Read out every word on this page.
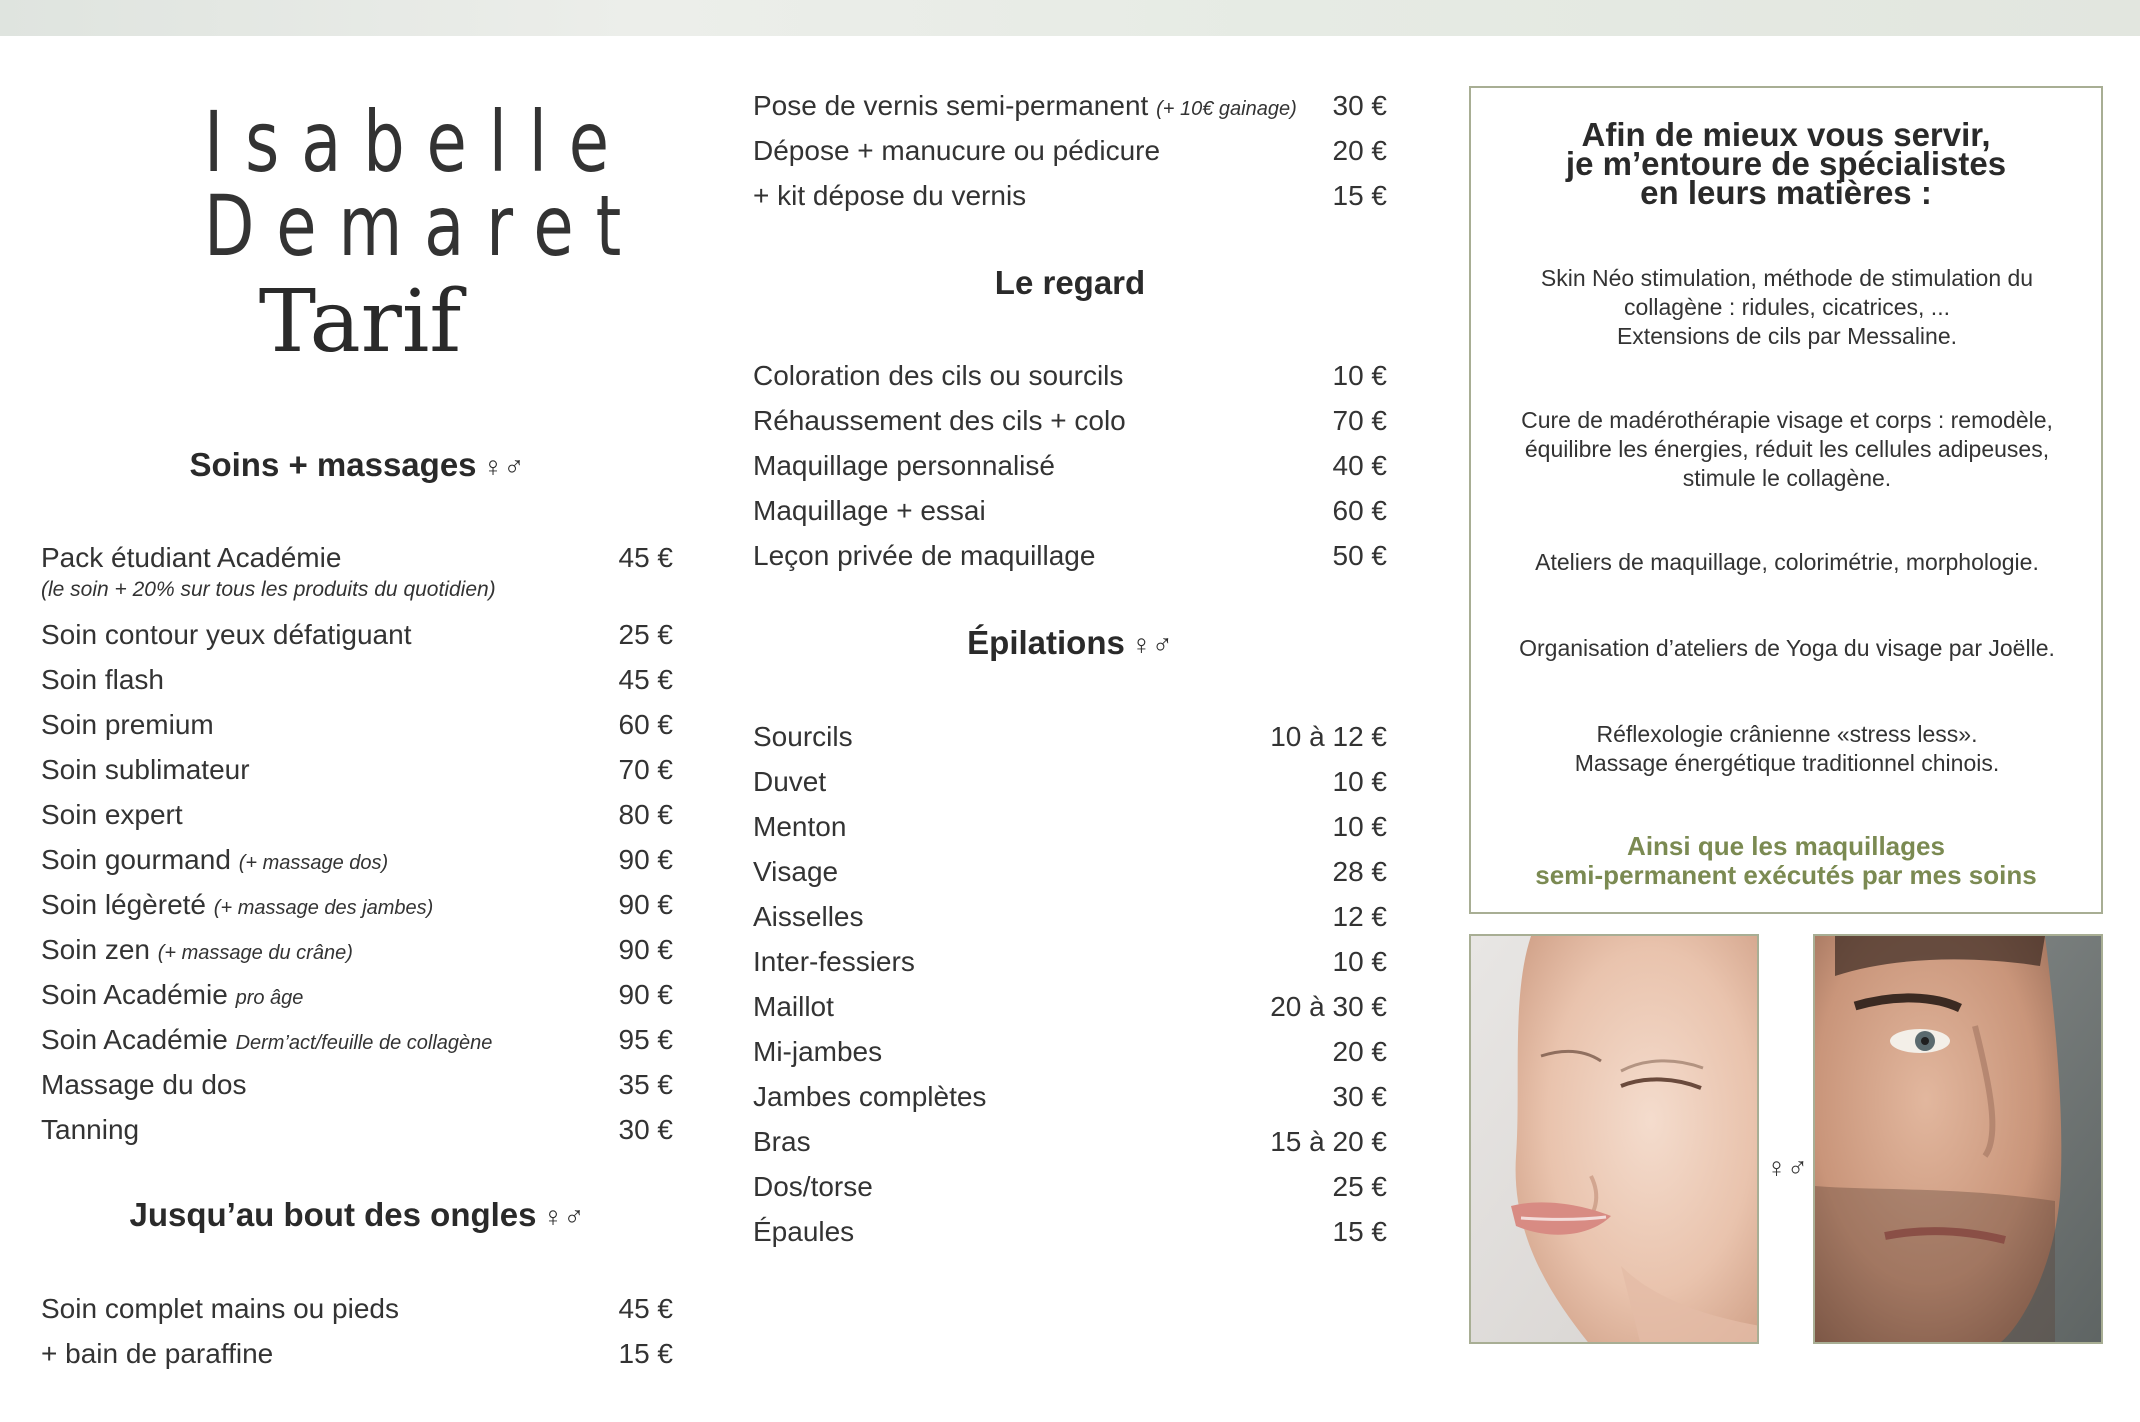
Isabelle
Demaret
Tarif
Soins + massages ♀♂
Pack étudiant Académie	45 €
(le soin + 20% sur tous les produits du quotidien)
Soin contour yeux défatiguant	25 €
Soin flash	45 €
Soin premium	60 €
Soin sublimateur	70 €
Soin expert	80 €
Soin gourmand (+ massage dos)	90 €
Soin légèreté (+ massage des jambes)	90 €
Soin zen (+ massage du crâne)	90 €
Soin Académie pro âge	90 €
Soin Académie Derm’act/feuille de collagène	95 €
Massage du dos	35 €
Tanning	30 €
Jusqu’au bout des ongles ♀♂
Soin complet mains ou pieds	45 €
+ bain de paraffine	15 €
Pose de vernis semi-permanent (+ 10€ gainage) 30 €
Dépose + manucure ou pédicure	20 €
+ kit dépose du vernis	15 €
Le regard
Coloration des cils ou sourcils	10 €
Réhaussement des cils + colo	70 €
Maquillage personnalisé	40 €
Maquillage + essai	60 €
Leçon privée de maquillage	50 €
Épilations ♀♂
Sourcils	10 à 12 €
Duvet	10 €
Menton	10 €
Visage	28 €
Aisselles	12 €
Inter-fessiers	10 €
Maillot	20 à 30 €
Mi-jambes	20 €
Jambes complètes	30 €
Bras	15 à 20 €
Dos/torse	25 €
Épaules	15 €
Afin de mieux vous servir,
je m’entoure de spécialistes
en leurs matières :
Skin Néo stimulation, méthode de stimulation du
collagène : ridules, cicatrices, ...
Extensions de cils par Messaline.
Cure de madérothérapie visage et corps : remodèle,
équilibre les énergies, réduit les cellules adipeuses,
stimule le collagène.
Ateliers de maquillage, colorimétrie, morphologie.
Organisation d’ateliers de Yoga du visage par Joëlle.
Réflexologie crânienne «stress less».
Massage énergétique traditionnel chinois.
Ainsi que les maquillages
semi-permanent exécutés par mes soins
♀♂
